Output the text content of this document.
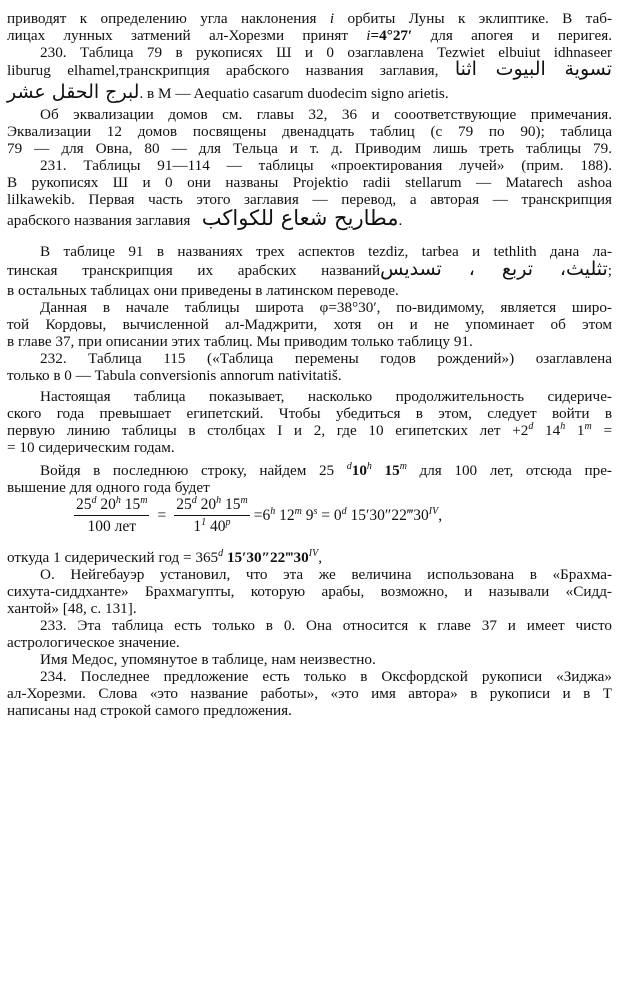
приводят к определению угла наклонения i орбиты Луны к эклиптике. В таб-
лицах лунных затмений ал-Хорезми принят i=4°27′ для апогея и перигея.
230. Таблица 79 в рукописях Ш и 0 озаглавлена Tezwiet elbuiut idhnaseer
liburug elhamel,транскрипция арабского названия заглавия, تسوية البيوت اثنا
لبرج الحقل عشر. в M — Aequatio casarum duodecim signo arietis.
Об эквализации домов см. главы 32, 36 и сооответствующие примечания.
Эквализации 12 домов посвящены двенадцать таблиц (с 79 по 90); таблица
79 — для Овна, 80 — для Тельца и т. д. Приводим лишь треть таблицы 79.
231. Таблицы 91—114 — таблицы «проектирования лучей» (прим. 188).
В рукописях Ш и 0 они названы Projektio radii stellarum — Matarech ashoa
lilkawekib. Первая часть этого заглавия — перевод, а авторая — транскрипция
арабского названия заглавия مطاريح شعاع للكواكب.
В таблице 91 в названиях трех аспектов tezdiz, tarbea и tethlith дана ла-
тинская транскрипция их арабских названийتثليث، تربع ، تسديس;
в остальных таблицах они приведены в латинском переводе.
Данная в начале таблицы широта φ=38°30′, по-видимому, является широ-
той Кордовы, вычисленной ал-Маджрити, хотя он и не упоминает об этом
в главе 37, при описании этих таблиц. Мы приводим только таблицу 91.
232. Таблица 115 («Таблица перемены годов рождений») озаглавлена
только в 0 — Tabula conversionis annorum nativitatiš.
Настоящая таблица показывает, насколько продолжительность сидериче-
ского года превышает египетский. Чтобы убедиться в этом, следует войти в
первую линию таблицы в столбцах I и 2, где 10 египетских лет $+2^d$ 14$^h$ $1^m$ =
= 10 сидерическим годам.
Войдя в последнюю строку, найдем 25 $^d$10$^h$ 15$^m$ для 100 лет, отсюда пре-
вышение для одного года будет
$\frac{25^d 20^h 15^m}{\text{100 лет}} = \frac{25^d 20^h 15^m}{1^1 40^p} =6^h$ 12$^m$ $9^s = 0^d$ $15'30''22‴30^{IV}$,
откуда 1 сидерический год = $365^d$ $15'30''22‴30^{IV}$,
О. Нейгебауэр установил, что эта же величина использована в «Брахма-
сихута-сиддханте» Брахмагупты, которую арабы, возможно, и называли «Сидд-
хантой» [48, с. 131].
233. Эта таблица есть только в 0. Она относится к главе 37 и имеет чисто
астрологическое значение.
Имя Медос, упомянутое в таблице, нам неизвестно.
234. Последнее предложение есть только в Оксфордской рукописи «Зиджа»
ал-Хорезми. Слова «это название работы», «это имя автора» в рукописи и в T
написаны над строкой самого предложения.
